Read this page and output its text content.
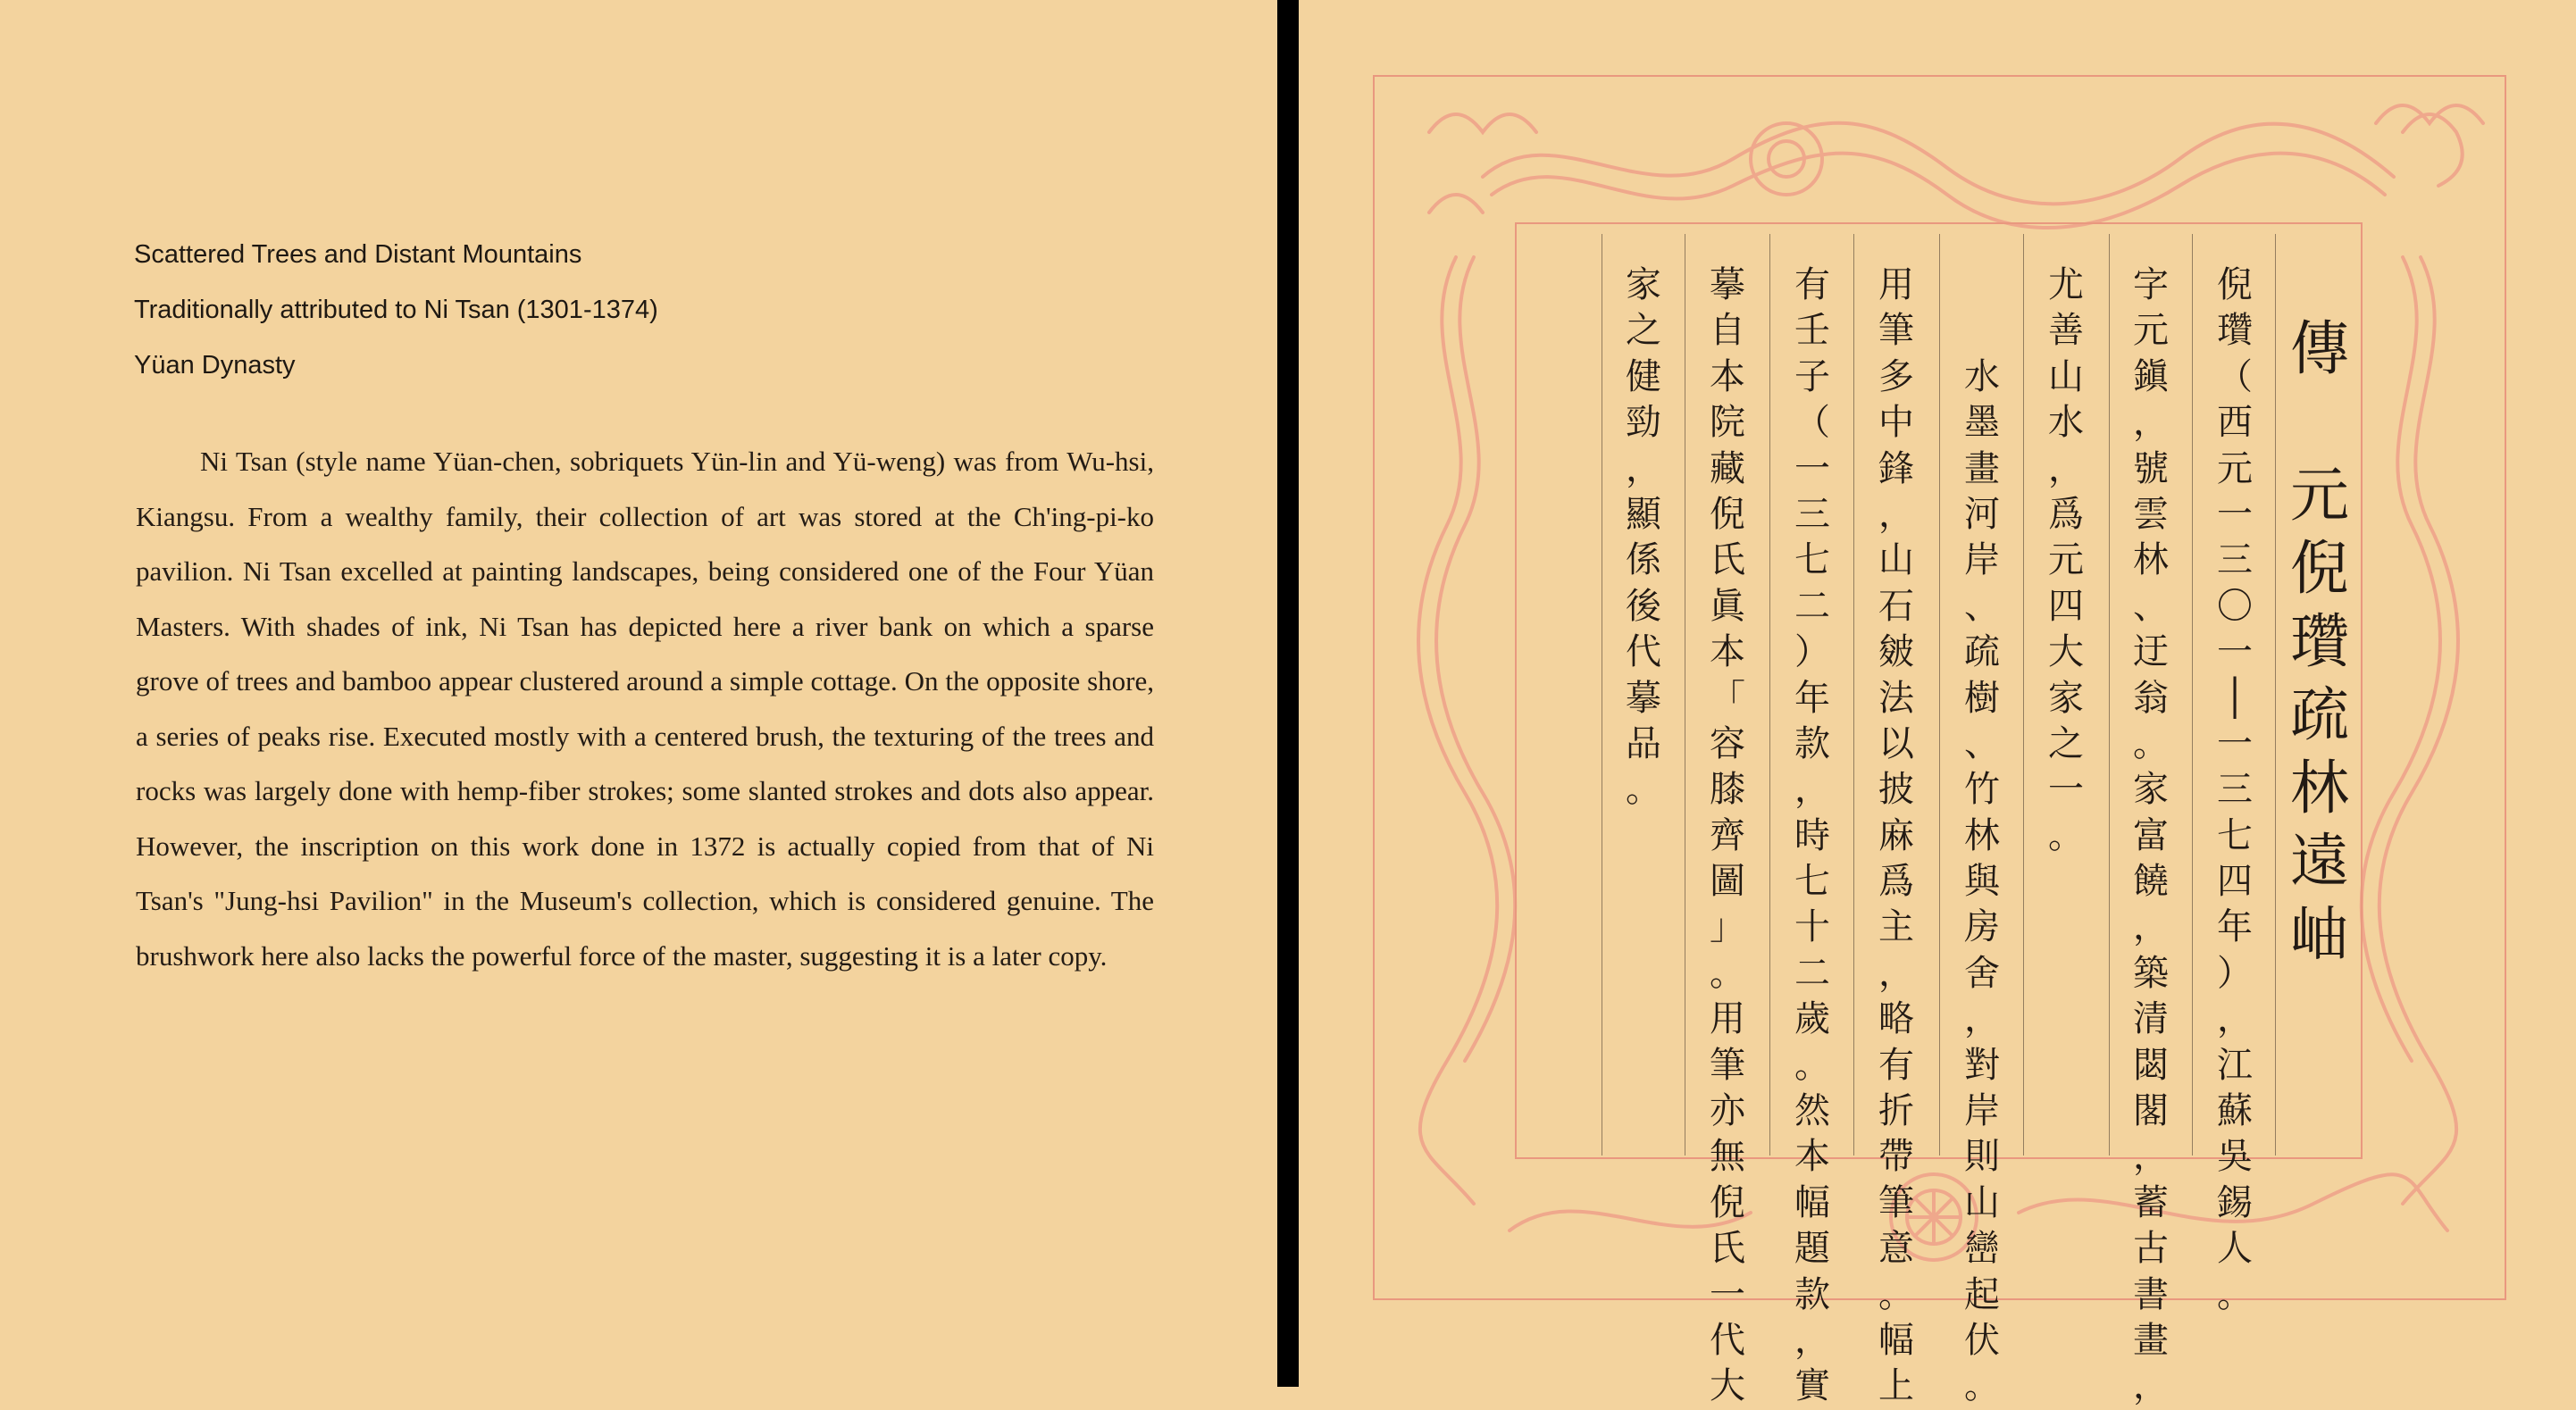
Scattered Trees and Distant Mountains
Traditionally attributed to Ni Tsan (1301-1374)
Yüan Dynasty

Ni Tsan (style name Yüan-chen, sobriquets Yün-lin and Yü-weng) was from Wu-hsi, Kiangsu. From a wealthy family, their collection of art was stored at the Ch'ing-pi-ko pavilion. Ni Tsan excelled at painting landscapes, being considered one of the Four Yüan Masters. With shades of ink, Ni Tsan has depicted here a river bank on which a sparse grove of trees and bamboo appear clustered around a simple cottage. On the opposite shore, a series of peaks rise. Executed mostly with a centered brush, the texturing of the trees and rocks was largely done with hemp-fiber strokes; some slanted strokes and dots also appear. However, the inscription on this work done in 1372 is actually copied from that of Ni Tsan's "Jung-hsi Pavilion" in the Museum's collection, which is considered genuine. The brushwork here also lacks the powerful force of the master, suggesting it is a later copy.

傳

元
倪
瓚
疏
林
遠
岫
倪
瓚
（
西
元
一
三
〇
一
│
一
三
七
四
年
）
，
江
蘇
吳
錫
人
。
字
元
鎭
，
號
雲
林
、
迂
翁
。
家
富
饒
，
築
清
閟
閣
，
蓄
古
書
畫
，
尤
善
山
水
，
爲
元
四
大
家
之
一
。

水
墨
畫
河
岸
、
疏
樹
、
竹
林
與
房
舍
，
對
岸
則
山
巒
起
伏
。
用
筆
多
中
鋒
，
山
石
皴
法
以
披
麻
爲
主
，
略
有
折
帶
筆
意
。
幅
上
有
壬
子
（
一
三
七
二
）
年
款
，
時
七
十
二
歲
。
然
本
幅
題
款
，
實
摹
自
本
院
藏
倪
氏
眞
本
「
容
膝
齊
圖
」
。
用
筆
亦
無
倪
氏
一
代
大
家
之
健
勁
，
顯
係
後
代
摹
品
。
